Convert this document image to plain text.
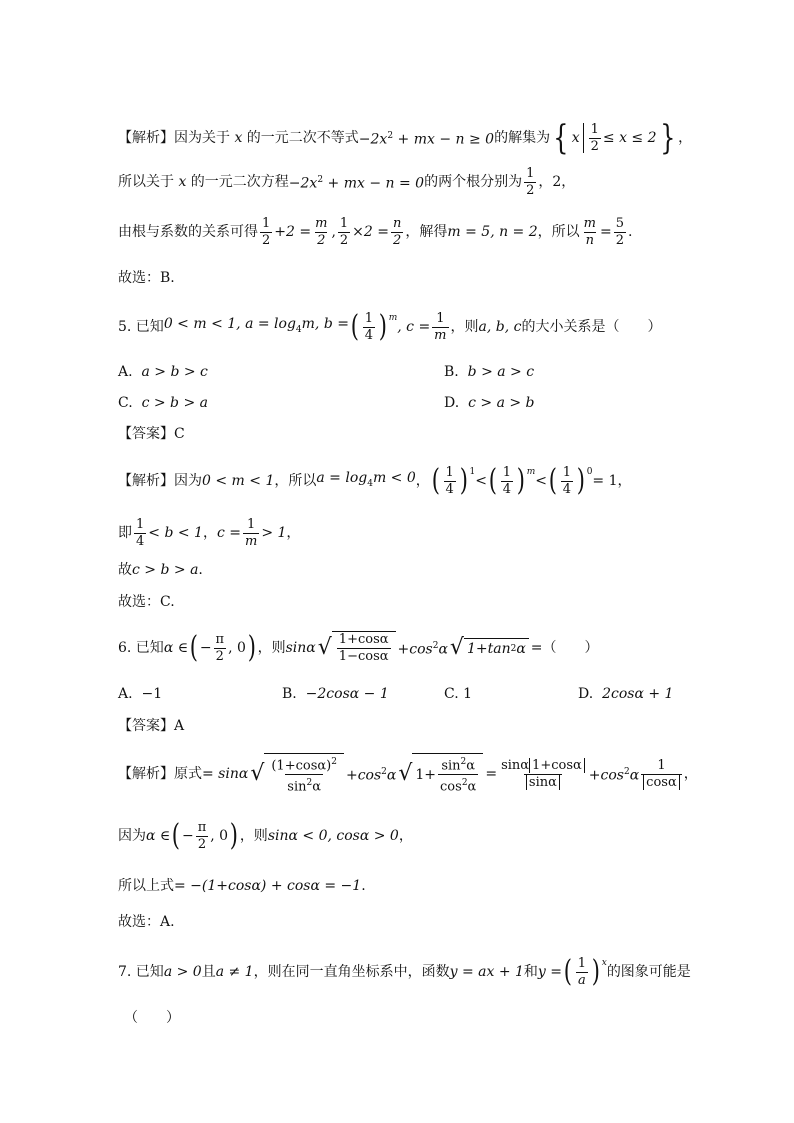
【解析】因为关于 x 的一元二次不等式 $-2x^2$ + mx − n ≥ 0 的解集为 { x $\frac{1}{2} \le x \le 2$ } ，
所以关于 x 的一元二次方程 $-2x^2$ + mx − n = 0 的两个根分别为 $\frac{1}{2}$ ，2，
由根与系数的关系可得 $\frac{1}{2} +2 = \frac{m}{2}$ , $\frac{1}{2} \times 2 = \frac{n}{2}$ ，解得 m = 5, n = 2 ，所以 $\frac{m}{n} = \frac{5}{2}$ .
故选：B.
5. 已知 0 < m < 1, $a = \log_4m$, b = ( $\frac{1}{4} )^m$
, $c = \frac{1}{m}$ ，则 a, b, c 的大小关系是（　　）
A.  a > b > c	B.  b > a > c
C.  c > b > a	D.  c > a > b
【答案】C
【解析】因为 0 < m < 1 ，所以 $a = \log_4m < 0$ ， ( $\frac{1}{4} )^1$
< ( $\frac{1}{4} )^m$
< ( $\frac{1}{4} )^0$
= 1，
即 $\frac{1}{4} < b < 1$ ， $c = \frac{1}{m} > 1$ ，
故 c > b > a .
故选：C.
6. 已知 α ∈ ( − $\frac{\pi}{2}$ , 0 ) ，则 sinα √ $\frac{1+\cos\alpha}{1-\cos\alpha} +\cos^2\alpha$ √ 1+tan 2 α = （　　）
A.  −1	B. −2cosα − 1	C. 1	D. 2cosα + 1
【答案】A
【解析】原式 = sinα √ $\frac{(1+\cos\alpha)^2}{\sin^2\alpha} +\cos^2\alpha$ √ $1+ \frac{\sin^2\alpha}{\cos^2\alpha} = \frac{\sin\alpha 1+\cos\alpha}{\sin\alpha} +\cos^2\alpha \frac{1}{\cos\alpha}$ ，
因为 α ∈ ( − $\frac{\pi}{2}$ , 0 ) ，则 sinα < 0, cosα > 0 ，
所以上式 = −(1+cosα) + cosα = −1 .
故选：A.
7. 已知 a > 0 且 a ≠ 1 ，则在同一直角坐标系中，函数 y = ax + 1 和 y = ( $\frac{1}{a} )^x$
的图象可能是
（　　）
